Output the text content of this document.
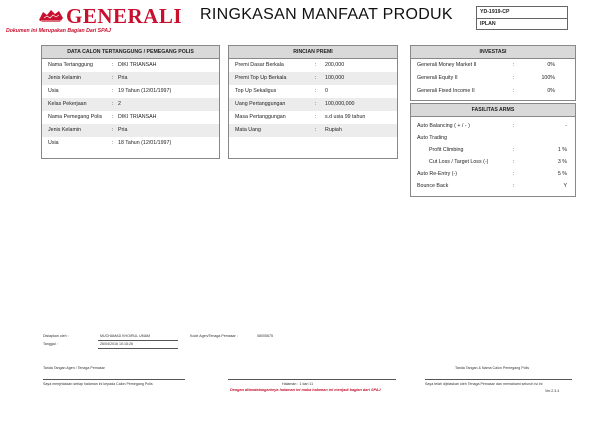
GENERALI
Dokumen ini Merupakan Bagian Dari SPAJ
RINGKASAN MANFAAT PRODUK	YD-1919-CP
IPLAN
DATA CALON TERTANGGUNG / PEMEGANG POLIS
Nama Tertanggung	: DIKI TRIANSAH
Jenis Kelamin	: Pria
Usia	: 19 Tahun (12/01/1997)
Kelas Pekerjaan	: 2
Nama Pemegang Polis : DIKI TRIANSAH
Jenis Kelamin	: Pria
Usia	: 18 Tahun (12/01/1997)
RINCIAN PREMI
Premi Dasar Berkala	: 200,000
Premi Top Up Berkala	: 100,000
Top Up Sekaligus	: 0
Uang Pertanggungan	: 100,000,000
Masa Pertanggungan	: s.d usia 99 tahun
Mata Uang	: Rupiah
INVESTASI
Generali Money Market II	:	0%
Generali Equity II	:	100%
Generali Fixed Income II	:	0%
FASILITAS ARMS
Auto Balancing ( + / - )	:	-
Auto Trading
Profit Climbing	:	1 %
Cut Loss / Target Loss (-)	:	3 %
Auto Re-Entry (-)	:	5 %
Bounce Back	:	Y
Disiapkan oleh :	MUCHAMAD KHOIRUL UMAM	Kode Agen/Tenaga Pemasar :	08005675
Tanggal :	26/04/2016 10:15:26
Tanda Tangan Agen / Tenaga Pemasar	Tanda Tangan & Nama Calon Pemegang Polis
Saya menjelaskan setiap halaman ini kepada Calon Pemegang Polis	Halaman : 1 dari 11	Saya telah dijelaskan oleh Tenaga Pemasar dan memahami seluruh isi ini
Dengan ditandatanganinya halaman ini maka halaman ini menjadi bagian dari SPAJ	Ver.2.3.4
